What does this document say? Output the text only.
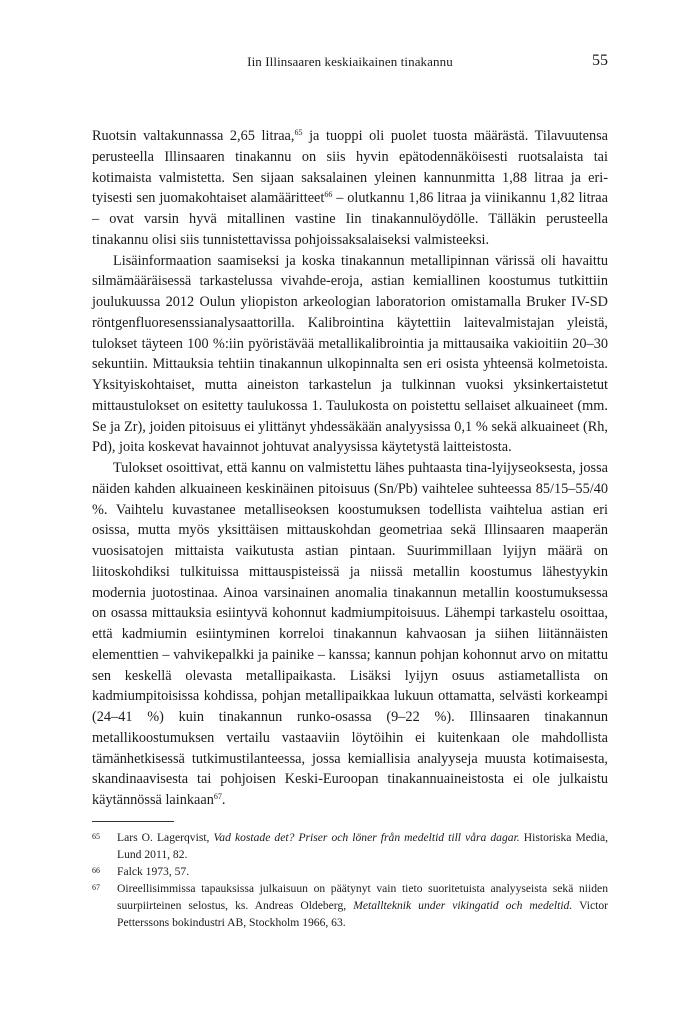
Iin Illinsaaren keskiaikainen tinakannu	55

Ruotsin valtakunnassa 2,65 litraa,$^{65}$ ja tuoppi oli puolet tuosta määrästä. Tilavuutensa perusteella Illinsaaren tinakannu on siis hyvin epätodennäköisesti ruotsalaista tai kotimaista valmistetta. Sen sijaan saksalainen yleinen kannunmitta 1,88 litraa ja erityisesti sen juomakohtaiset alamääritteet$^{66}$ – olutkannu 1,86 litraa ja viinikannu 1,82 litraa – ovat varsin hyvä mitallinen vastine Iin tinakannulöydölle. Tälläkin perusteella tinakannu olisi siis tunnistettavissa pohjoissaksalaiseksi valmisteeksi.

Lisäinformaation saamiseksi ja koska tinakannun metallipinnan värissä oli havaittu silmämääräisessä tarkastelussa vivahde-eroja, astian kemiallinen koostumus tutkittiin joulukuussa 2012 Oulun yliopiston arkeologian laboratorion omistamalla Bruker IV-SD röntgenfluoresenssianalysaattorilla. Kalibrointina käytettiin laitevalmistajan yleistä, tulokset täyteen 100 %:iin pyöristävää metallikalibrointia ja mittausaika vakioitiin 20–30 sekuntiin. Mittauksia tehtiin tinakannun ulkopinnalta sen eri osista yhteensä kolmetoista. Yksityiskohtaiset, mutta aineiston tarkastelun ja tulkinnan vuoksi yksinkertaistetut mittaustulokset on esitetty taulukossa 1. Taulukosta on poistettu sellaiset alkuaineet (mm. Se ja Zr), joiden pitoisuus ei ylittänyt yhdessäkään analyysissa 0,1 % sekä alkuaineet (Rh, Pd), joita koskevat havainnot johtuvat analyysissa käytetystä laitteistosta.

Tulokset osoittivat, että kannu on valmistettu lähes puhtaasta tina-lyijyseoksesta, jossa näiden kahden alkuaineen keskinäinen pitoisuus (Sn/Pb) vaihtelee suhteessa 85/15–55/40 %. Vaihtelu kuvastanee metalliseoksen koostumuksen todellista vaihtelua astian eri osissa, mutta myös yksittäisen mittauskohdan geometriaa sekä Illinsaaren maaperän vuosisatojen mittaista vaikutusta astian pintaan. Suurimmillaan lyijyn määrä on liitoskohdiksi tulkituissa mittauspisteissä ja niissä metallin koostumus lähestyykin modernia juotostinaa. Ainoa varsinainen anomalia tinakannun metallin koostumuksessa on osassa mittauksia esiintyvä kohonnut kadmiumpitoisuus. Lähempi tarkastelu osoittaa, että kadmiumin esiintyminen korreloi tinakannun kahvaosan ja siihen liitännäisten elementtien – vahvikepalkki ja painike – kanssa; kannun pohjan kohonnut arvo on mitattu sen keskellä olevasta metallipaikasta. Lisäksi lyijyn osuus astiametallista on kadmiumpitoisissa kohdissa, pohjan metallipaikkaa lukuun ottamatta, selvästi korkeampi (24–41 %) kuin tinakannun runko-osassa (9–22 %). Illinsaaren tinakannun metallikoostumuksen vertailu vastaaviin löytöihin ei kuitenkaan ole mahdollista tämänhetkisessä tutkimustilanteessa, jossa kemiallisia analyyseja muusta kotimaisesta, skandinaavisesta tai pohjoisen Keski-Euroopan tinakannuaineistosta ei ole julkaistu käytännössä lainkaan$^{67}$.

65 Lars O. Lagerqvist, Vad kostade det? Priser och löner från medeltid till våra dagar. Historiska Media, Lund 2011, 82.

66 Falck 1973, 57.

67 Oireellisimmissa tapauksissa julkaisuun on päätynyt vain tieto suoritetuista analyyseista sekä niiden suurpiirteinen selostus, ks. Andreas Oldeberg, Metallteknik under vikingatid och medeltid. Victor Petterssons bokindustri AB, Stockholm 1966, 63.
